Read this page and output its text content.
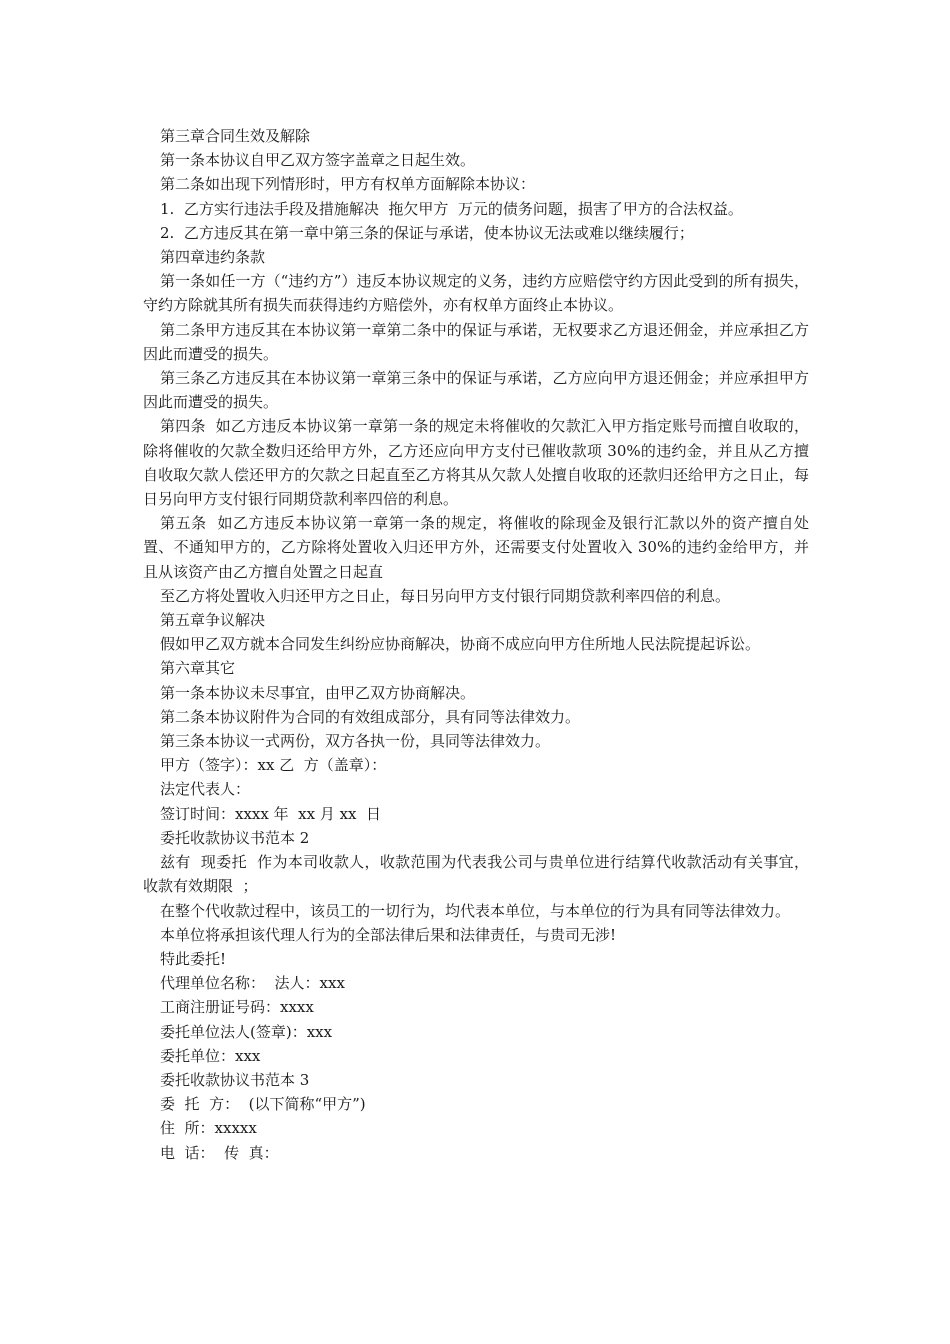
第三章合同生效及解除

第一条本协议自甲乙双方签字盖章之日起生效。

第二条如出现下列情形时，甲方有权单方面解除本协议：

1.  乙方实行违法手段及措施解决  拖欠甲方  万元的债务问题，损害了甲方的合法权益。

2.  乙方违反其在第一章中第三条的保证与承诺，使本协议无法或难以继续履行；

第四章违约条款

第一条如任一方（“违约方”）违反本协议规定的义务，违约方应赔偿守约方因此受到的所有损失，守约方除就其所有损失而获得违约方赔偿外，亦有权单方面终止本协议。

第二条甲方违反其在本协议第一章第二条中的保证与承诺，无权要求乙方退还佣金，并应承担乙方因此而遭受的损失。

第三条乙方违反其在本协议第一章第三条中的保证与承诺，乙方应向甲方退还佣金；并应承担甲方因此而遭受的损失。

第四条  如乙方违反本协议第一章第一条的规定未将催收的欠款汇入甲方指定账号而擅自收取的，除将催收的欠款全数归还给甲方外，乙方还应向甲方支付已催收款项 30%的违约金，并且从乙方擅自收取欠款人偿还甲方的欠款之日起直至乙方将其从欠款人处擅自收取的还款归还给甲方之日止，每日另向甲方支付银行同期贷款利率四倍的利息。

第五条  如乙方违反本协议第一章第一条的规定，将催收的除现金及银行汇款以外的资产擅自处置、不通知甲方的，乙方除将处置收入归还甲方外，还需要支付处置收入 30%的违约金给甲方，并且从该资产由乙方擅自处置之日起直

至乙方将处置收入归还甲方之日止，每日另向甲方支付银行同期贷款利率四倍的利息。

第五章争议解决

假如甲乙双方就本合同发生纠纷应协商解决，协商不成应向甲方住所地人民法院提起诉讼。

第六章其它

第一条本协议未尽事宜，由甲乙双方协商解决。

第二条本协议附件为合同的有效组成部分，具有同等法律效力。

第三条本协议一式两份，双方各执一份，具同等法律效力。

甲方（签字）：xx 乙  方（盖章）：

法定代表人：

签订时间：xxxx 年  xx 月 xx  日

委托收款协议书范本 2

兹有  现委托  作为本司收款人，收款范围为代表我公司与贵单位进行结算代收款活动有关事宜，收款有效期限  ；

在整个代收款过程中，该员工的一切行为，均代表本单位，与本单位的行为具有同等法律效力。

本单位将承担该代理人行为的全部法律后果和法律责任，与贵司无涉!

特此委托!

代理单位名称：  法人：xxx

工商注册证号码：xxxx

委托单位法人(签章)：xxx

委托单位：xxx

委托收款协议书范本 3

委  托  方：  (以下简称“甲方”)

住  所：xxxxx

电  话：  传  真：
